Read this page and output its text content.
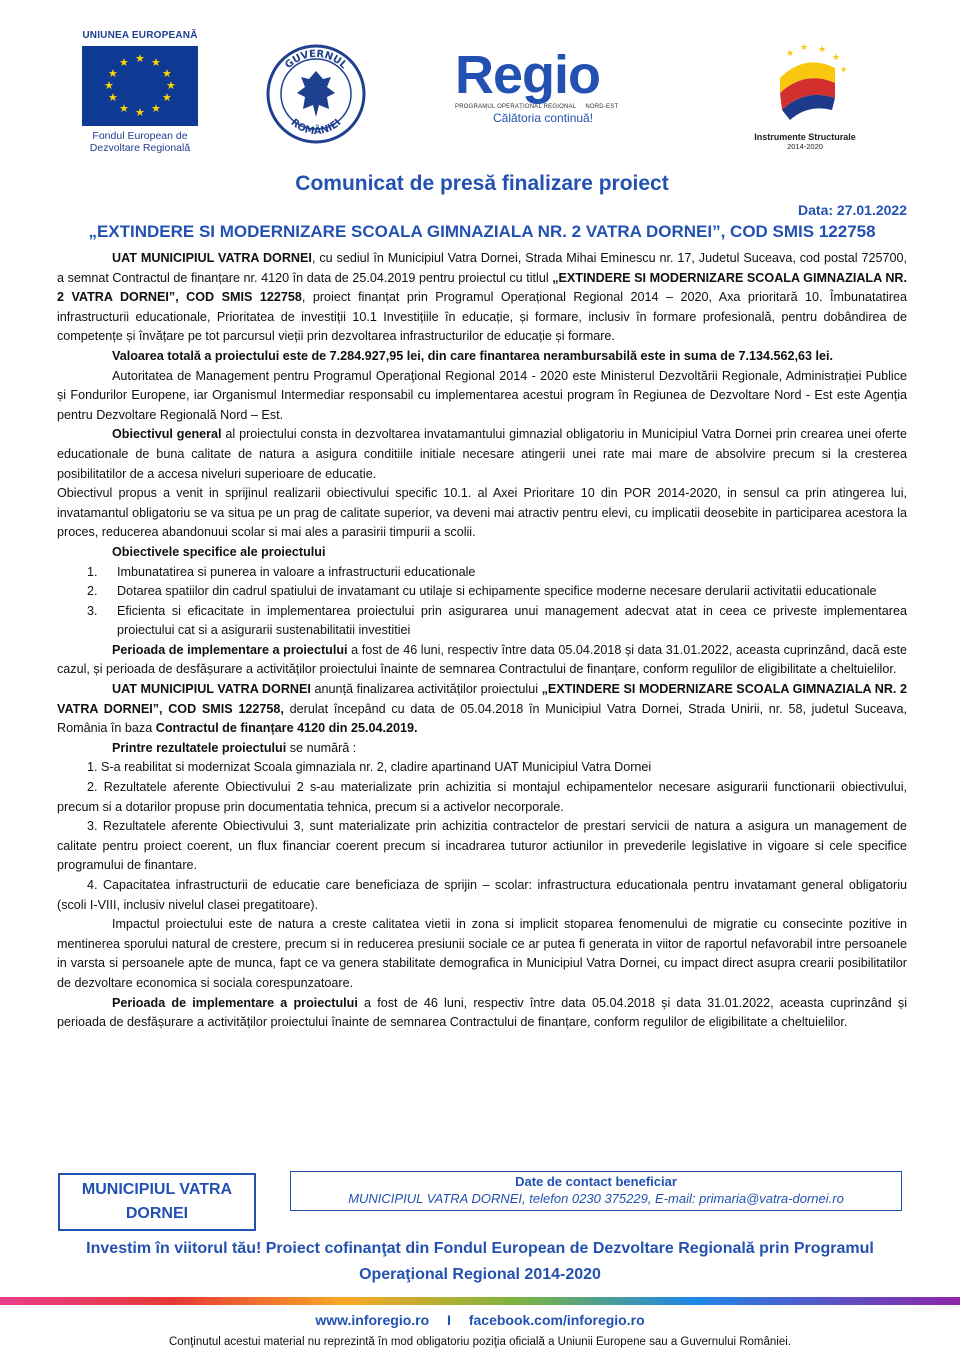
UNIUNEA EUROPEANĂ
★ ★
★
★
★
★
★
★
★
★
★
★
Fondul European de
Dezvoltare Regională
GUVERNUL
ROMÂNIEI
Regio
PROGRAMUL OPERAȚIONAL REGIONAL NORD-EST
Călătoria continuă!
★ ★
★
★
★
Instrumente Structurale
2014-2020
Comunicat de presă finalizare proiect
Data: 27.01.2022
„EXTINDERE SI MODERNIZARE SCOALA GIMNAZIALA NR. 2 VATRA DORNEI”, COD SMIS 122758

UAT MUNICIPIUL VATRA DORNEI, cu sediul în Municipiul Vatra Dornei, Strada Mihai Eminescu nr. 17, Judetul Suceava, cod postal 725700, a semnat Contractul de finanțare nr. 4120 în data de 25.04.2019 pentru proiectul cu titlul „EXTINDERE SI MODERNIZARE SCOALA GIMNAZIALA NR. 2 VATRA DORNEI”, COD SMIS 122758, proiect finanțat prin Programul Operațional Regional 2014 – 2020, Axa prioritară 10. Îmbunatatirea infrastructurii educationale, Prioritatea de investiții 10.1 Investițiile în educație, și formare, inclusiv în formare profesională, pentru dobândirea de competențe și învățare pe tot parcursul vieții prin dezvoltarea infrastructurilor de educație și formare.

Valoarea totală a proiectului este de 7.284.927,95 lei, din care finantarea nerambursabilă este in suma de 7.134.562,63 lei.

Autoritatea de Management pentru Programul Operaţional Regional 2014 - 2020 este Ministerul Dezvoltării Regionale, Administrației Publice și Fondurilor Europene, iar Organismul Intermediar responsabil cu implementarea acestui program în Regiunea de Dezvoltare Nord - Est este Agenția pentru Dezvoltare Regională Nord – Est.

Obiectivul general al proiectului consta in dezvoltarea invatamantului gimnazial obligatoriu in Municipiul Vatra Dornei prin crearea unei oferte educationale de buna calitate de natura a asigura conditiile initiale necesare atingerii unei rate mai mare de absolvire precum si la cresterea posibilitatilor de a accesa niveluri superioare de educatie.

Obiectivul propus a venit in sprijinul realizarii obiectivului specific 10.1. al Axei Prioritare 10 din POR 2014-2020, in sensul ca prin atingerea lui, invatamantul obligatoriu se va situa pe un prag de calitate superior, va deveni mai atractiv pentru elevi, cu implicatii deosebite in participarea acestora la proces, reducerea abandonuui scolar si mai ales a parasirii timpurii a scolii.

Obiectivele specifice ale proiectului

1. Imbunatatirea si punerea in valoare a infrastructurii educationale

2. Dotarea spatiilor din cadrul spatiului de invatamant cu utilaje si echipamente specifice moderne necesare derularii activitatii educationale

3. Eficienta si eficacitate in implementarea proiectului prin asigurarea unui management adecvat atat in ceea ce priveste implementarea proiectului cat si a asigurarii sustenabilitatii investitiei

Perioada de implementare a proiectului a fost de 46 luni, respectiv între data 05.04.2018 și data 31.01.2022, aceasta cuprinzând, dacă este cazul, și perioada de desfășurare a activităților proiectului înainte de semnarea Contractului de finanțare, conform regulilor de eligibilitate a cheltuielilor.

UAT MUNICIPIUL VATRA DORNEI anunță finalizarea activităților proiectului „EXTINDERE SI MODERNIZARE SCOALA GIMNAZIALA NR. 2 VATRA DORNEI”, COD SMIS 122758, derulat începând cu data de 05.04.2018 în Municipiul Vatra Dornei, Strada Unirii, nr. 58, judetul Suceava, România în baza Contractul de finanțare 4120 din 25.04.2019.

Printre rezultatele proiectului se numără :

1. S-a reabilitat si modernizat Scoala gimnaziala nr. 2, cladire apartinand UAT Municipiul Vatra Dornei

2. Rezultatele aferente Obiectivului 2 s-au materializate prin achizitia si montajul echipamentelor necesare asigurarii functionarii obiectivului, precum si a dotarilor propuse prin documentatia tehnica, precum si a activelor necorporale.

3. Rezultatele aferente Obiectivului 3, sunt materializate prin achizitia contractelor de prestari servicii de natura a asigura un management de calitate pentru proiect coerent, un flux financiar coerent precum si incadrarea tuturor actiunilor in prevederile legislative in vigoare si cele specifice programului de finantare.

4. Capacitatea infrastructurii de educatie care beneficiaza de sprijin – scolar: infrastructura educationala pentru invatamant general obligatoriu (scoli I-VIII, inclusiv nivelul clasei pregatitoare).

Impactul proiectului este de natura a creste calitatea vietii in zona si implicit stoparea fenomenului de migratie cu consecinte pozitive in mentinerea sporului natural de crestere, precum si in reducerea presiunii sociale ce ar putea fi generata in viitor de raportul nefavorabil intre persoanele in varsta si persoanele apte de munca, fapt ce va genera stabilitate demografica in Municipiul Vatra Dornei, cu impact direct asupra crearii posibilitatilor de dezvoltare economica si sociala corespunzatoare.

Perioada de implementare a proiectului a fost de 46 luni, respectiv între data 05.04.2018 și data 31.01.2022, aceasta cuprinzând și perioada de desfășurare a activităților proiectului înainte de semnarea Contractului de finanțare, conform regulilor de eligibilitate a cheltuielilor.

MUNICIPIUL VATRA
DORNEI
Date de contact beneficiar
MUNICIPIUL VATRA DORNEI, telefon 0230 375229, E-mail: primaria@vatra-dornei.ro
Investim în viitorul tău! Proiect cofinanţat din Fondul European de Dezvoltare Regională prin Programul
Operaţional Regional 2014-2020
www.inforegio.ro I facebook.com/inforegio.ro
Conţinutul acestui material nu reprezintă în mod obligatoriu poziţia oficială a Uniunii Europene sau a Guvernului României.
